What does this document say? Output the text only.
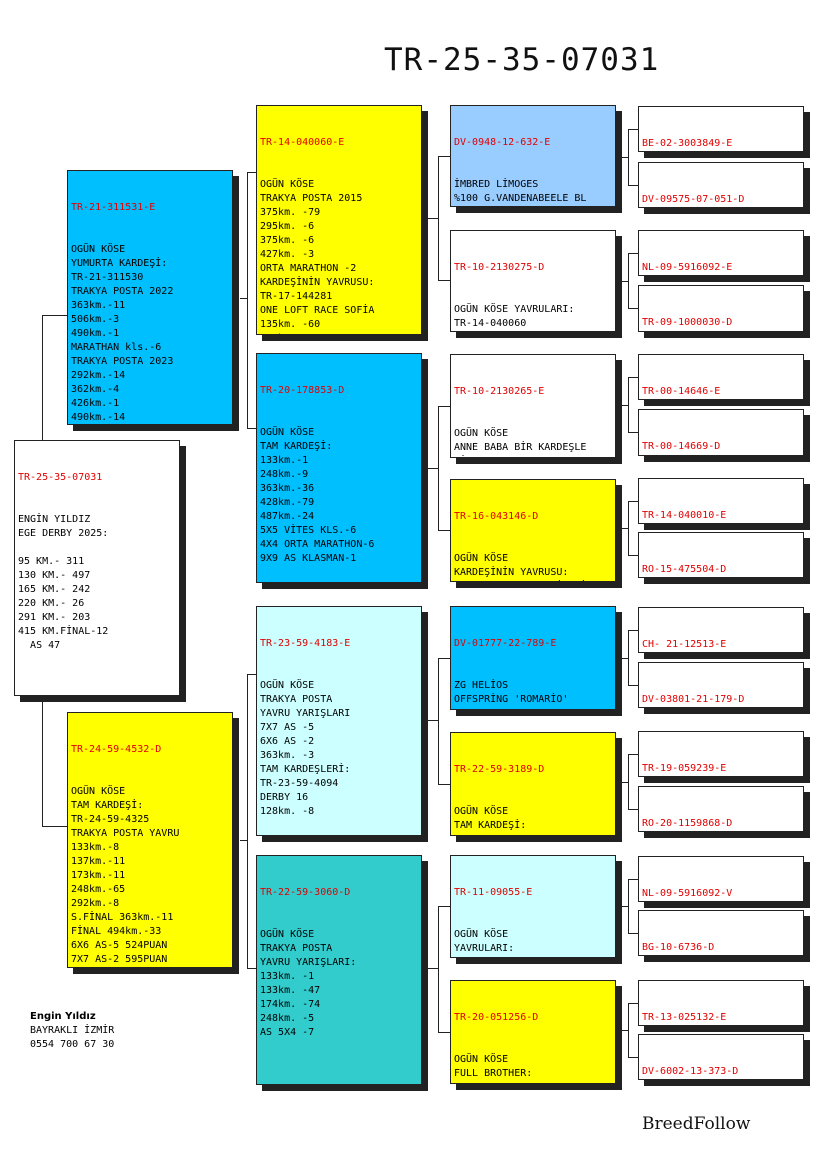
TR-25-35-07031

TR-25-35-07031

ENGİN YILDIZ
EGE DERBY 2025:

95 KM.- 311
130 KM.- 497
165 KM.- 242
220 KM.- 26
291 KM.- 203
415 KM.FİNAL-12
AS 47

TR-21-311531-E

OGÜN KÖSE
YUMURTA KARDEŞİ:
TR-21-311530
TRAKYA POSTA 2022
363km.-11
506km.-3
490km.-1
MARATHAN kls.-6
TRAKYA POSTA 2023
292km.-14
362km.-4
426km.-1
490km.-14

TR-24-59-4532-D

OGÜN KÖSE
TAM KARDEŞİ:
TR-24-59-4325
TRAKYA POSTA YAVRU
133km.-8
137km.-11
173km.-11
248km.-65
292km.-8
S.FİNAL 363km.-11
FİNAL 494km.-33
6X6 AS-5 524PUAN
7X7 AS-2 595PUAN

TR-14-040060-E

OGÜN KÖSE
TRAKYA POSTA 2015
375km. -79
295km. -6
375km. -6
427km. -3
ORTA MARATHON -2
KARDEŞİNİN YAVRUSU:
TR-17-144281
ONE LOFT RACE SOFİA
135km. -60

TR-20-178853-D

OGÜN KÖSE
TAM KARDEŞİ:
133km.-1
248km.-9
363km.-36
428km.-79
487km.-24
5X5 VİTES KLS.-6
4X4 ORTA MARATHON-6
9X9 AS KLASMAN-1

TR-23-59-4183-E

OGÜN KÖSE
TRAKYA POSTA
YAVRU YARIŞLARI
7X7 AS -5
6X6 AS -2
363km. -3
TAM KARDEŞLERİ:
TR-23-59-4094
DERBY 16
128km. -8

TR-22-59-3060-D

OGÜN KÖSE
TRAKYA POSTA
YAVRU YARIŞLARI:
133km. -1
133km. -47
174km. -74
248km. -5
AS 5X4 -7

DV-0948-12-632-E

İMBRED LİMOGES
%100 G.VANDENABEELE BL

TR-10-2130275-D

OGÜN KÖSE YAVRULARI:
TR-14-040060

TR-10-2130265-E

OGÜN KÖSE
ANNE BABA BİR KARDEŞLE

TR-16-043146-D

OGÜN KÖSE
KARDEŞİNİN YAVRUSU:

DV-01777-22-789-E

ZG HELİOS
OFFSPRİNG 'ROMARİO'

TR-22-59-3189-D

OGÜN KÖSE
TAM KARDEŞİ:

TR-11-09055-E

OGÜN KÖSE
YAVRULARI:

TR-20-051256-D

OGÜN KÖSE
FULL BROTHER:

BE-02-3003849-E

DV-09575-07-051-D

NL-09-5916092-E

TR-09-1000030-D

TR-00-14646-E

TR-00-14669-D

TR-14-040010-E

RO-15-475504-D

CH- 21-12513-E

DV-03801-21-179-D

TR-19-059239-E

RO-20-1159868-D

NL-09-5916092-V

BG-10-6736-D

TR-13-025132-E

DV-6002-13-373-D

Engin Yıldız
BAYRAKLI İZMİR
0554 700 67 30
BreedFollow
